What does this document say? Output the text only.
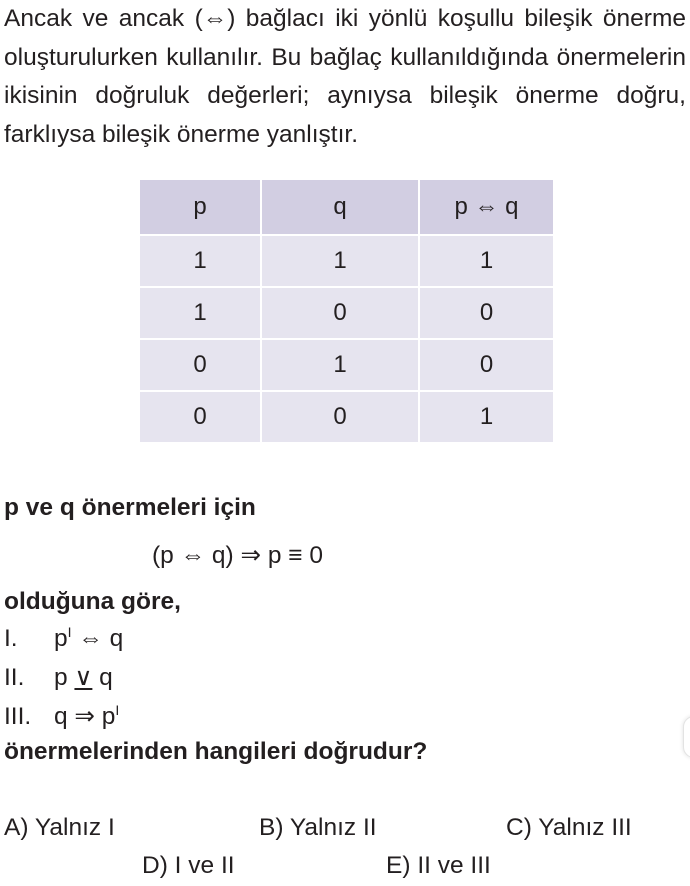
Ancak ve ancak (⇔) bağlacı iki yönlü koşullu bileşik önerme oluşturulurken kullanılır. Bu bağlaç kullanıldığında önermelerin ikisinin doğruluk değerleri; aynıysa bileşik önerme doğru, farklıysa bileşik önerme yanlıştır.

p	q	p ⇔ q
1	1	1
1	0	0
0	1	0
0	0	1

p ve q önermeleri için

(p ⇔ q) ⇒ p ≡ 0

olduğuna göre,

I. $p^I$ ⇔ q

II. p ∨ q

III. q ⇒ $p^I$

önermelerinden hangileri doğrudur?

A) Yalnız I	B) Yalnız II	C) Yalnız III

D) I ve II	E) II ve III
